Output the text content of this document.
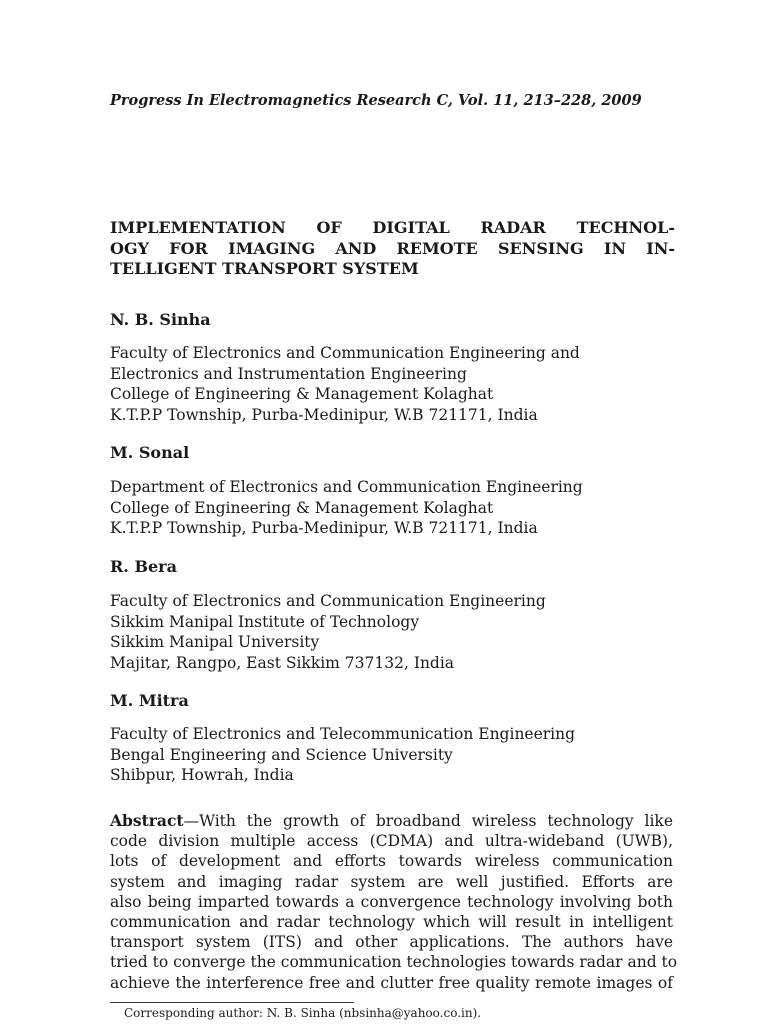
Progress In Electromagnetics Research C, Vol. 11, 213–228, 2009
IMPLEMENTATION OF DIGITAL RADAR TECHNOL-
OGY FOR IMAGING AND REMOTE SENSING IN IN-
TELLIGENT TRANSPORT SYSTEM
N. B. Sinha
Faculty of Electronics and Communication Engineering and
Electronics and Instrumentation Engineering
College of Engineering & Management Kolaghat
K.T.P.P Township, Purba-Medinipur, W.B 721171, India
M. Sonal
Department of Electronics and Communication Engineering
College of Engineering & Management Kolaghat
K.T.P.P Township, Purba-Medinipur, W.B 721171, India
R. Bera
Faculty of Electronics and Communication Engineering
Sikkim Manipal Institute of Technology
Sikkim Manipal University
Majitar, Rangpo, East Sikkim 737132, India
M. Mitra
Faculty of Electronics and Telecommunication Engineering
Bengal Engineering and Science University
Shibpur, Howrah, India
Abstract—With the growth of broadband wireless technology like
code division multiple access (CDMA) and ultra-wideband (UWB),
lots of development and efforts towards wireless communication
system and imaging radar system are well justified. Efforts are
also being imparted towards a convergence technology involving both
communication and radar technology which will result in intelligent
transport system (ITS) and other applications. The authors have
tried to converge the communication technologies towards radar and to
achieve the interference free and clutter free quality remote images of
Corresponding author: N. B. Sinha (nbsinha@yahoo.co.in).
